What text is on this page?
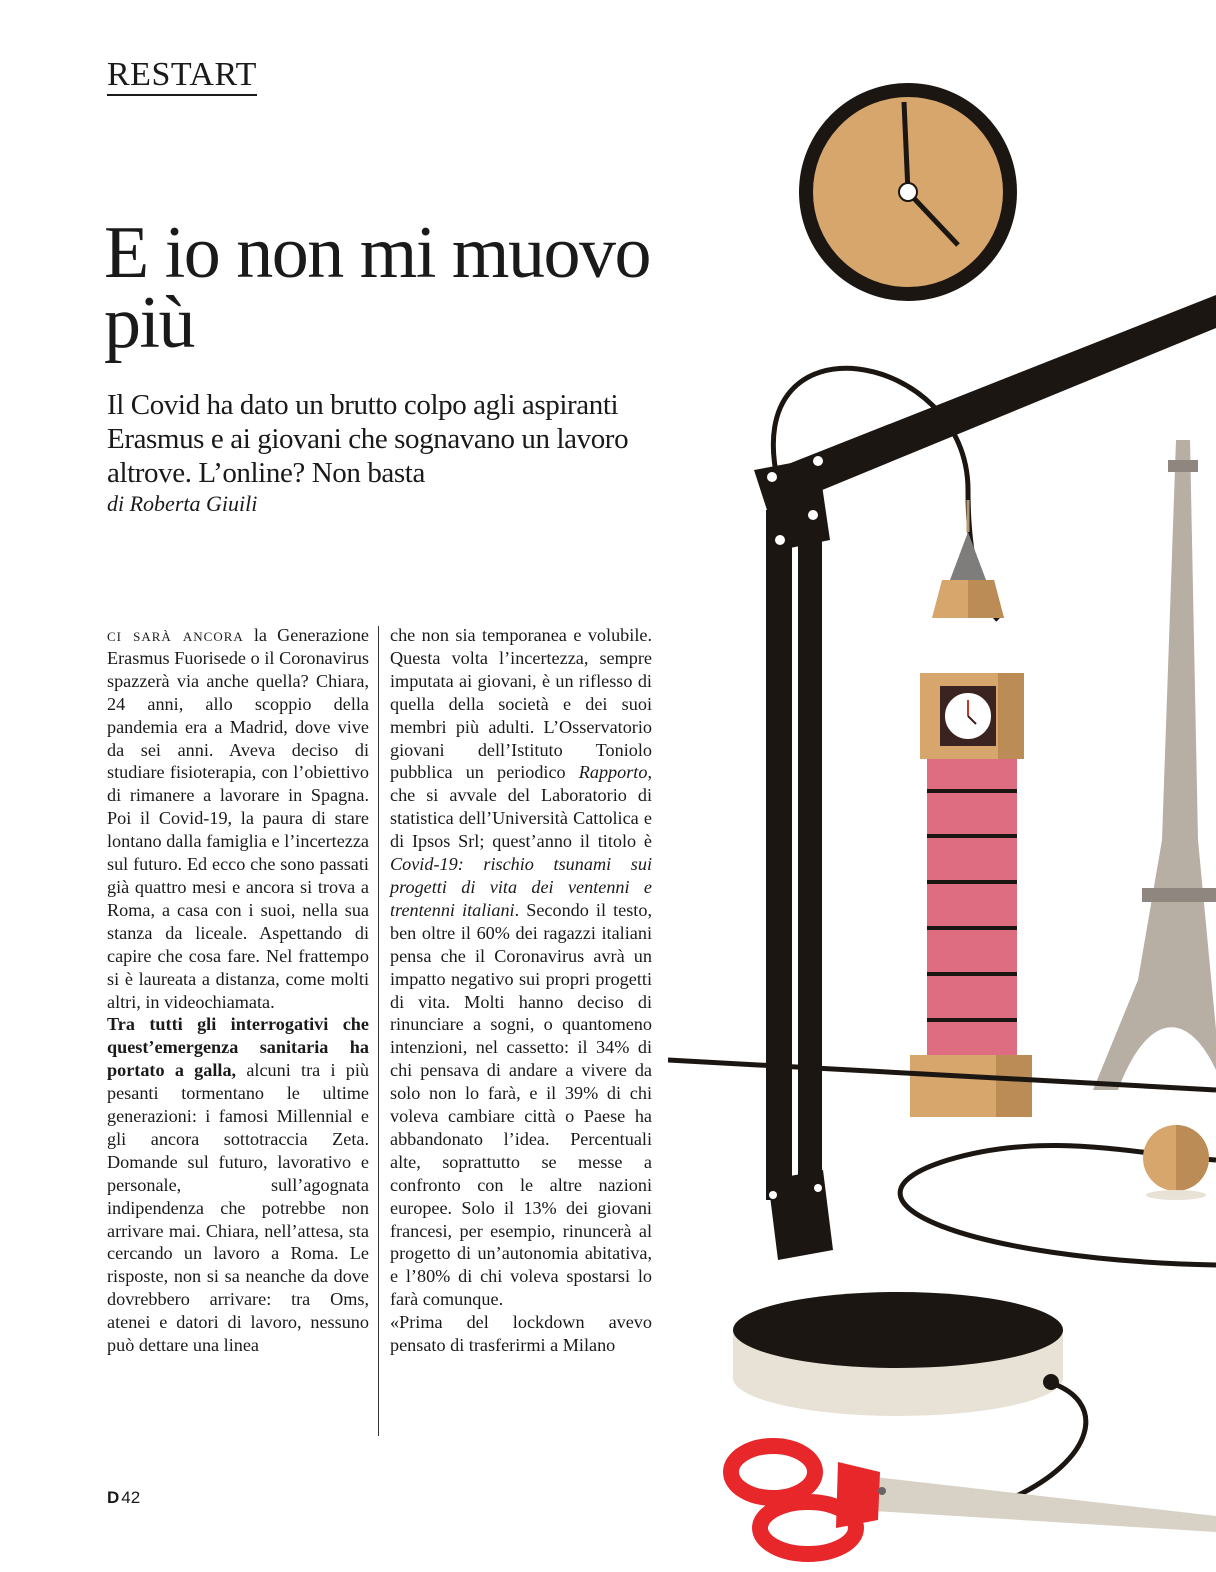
RESTART
E io non mi muovo più
Il Covid ha dato un brutto colpo agli aspiranti Erasmus e ai giovani che sognavano un lavoro altrove. L’online? Non basta
di Roberta Giuili

ci sarà ancora la Generazione Erasmus Fuorisede o il Coronavirus spazzerà via anche quella? Chiara, 24 anni, allo scoppio della pandemia era a Madrid, dove vive da sei anni. Aveva deciso di studiare fisioterapia, con l’obiettivo di rimanere a lavorare in Spagna. Poi il Covid-19, la paura di stare lontano dalla famiglia e l’incertezza sul futuro. Ed ecco che sono passati già quattro mesi e ancora si trova a Roma, a casa con i suoi, nella sua stanza da liceale. Aspettando di capire che cosa fare. Nel frattempo si è laureata a distanza, come molti altri, in videochiamata.

Tra tutti gli interrogativi che quest’emergenza sanitaria ha portato a galla, alcuni tra i più pesanti tormentano le ultime generazioni: i famosi Millennial e gli ancora sottotraccia Zeta. Domande sul futuro, lavorativo e personale, sull’agognata indipendenza che potrebbe non arrivare mai. Chiara, nell’attesa, sta cercando un lavoro a Roma. Le risposte, non si sa neanche da dove dovrebbero arrivare: tra Oms, atenei e datori di lavoro, nessuno può dettare una linea

che non sia temporanea e volubile. Questa volta l’incertezza, sempre imputata ai giovani, è un riflesso di quella della società e dei suoi membri più adulti. L’Osservatorio giovani dell’Istituto Toniolo pubblica un periodico Rapporto, che si avvale del Laboratorio di statistica dell’Università Cattolica e di Ipsos Srl; quest’anno il titolo è Covid-19: rischio tsunami sui progetti di vita dei ventenni e trentenni italiani. Secondo il testo, ben oltre il 60% dei ragazzi italiani pensa che il Coronavirus avrà un impatto negativo sui propri progetti di vita. Molti hanno deciso di rinunciare a sogni, o quantomeno intenzioni, nel cassetto: il 34% di chi pensava di andare a vivere da solo non lo farà, e il 39% di chi voleva cambiare città o Paese ha abbandonato l’idea. Percentuali alte, soprattutto se messe a confronto con le altre nazioni europee. Solo il 13% dei giovani francesi, per esempio, rinuncerà al progetto di un’autonomia abitativa, e l’80% di chi voleva spostarsi lo farà comunque.

«Prima del lockdown avevo pensato di trasferirmi a Milano

D 42
